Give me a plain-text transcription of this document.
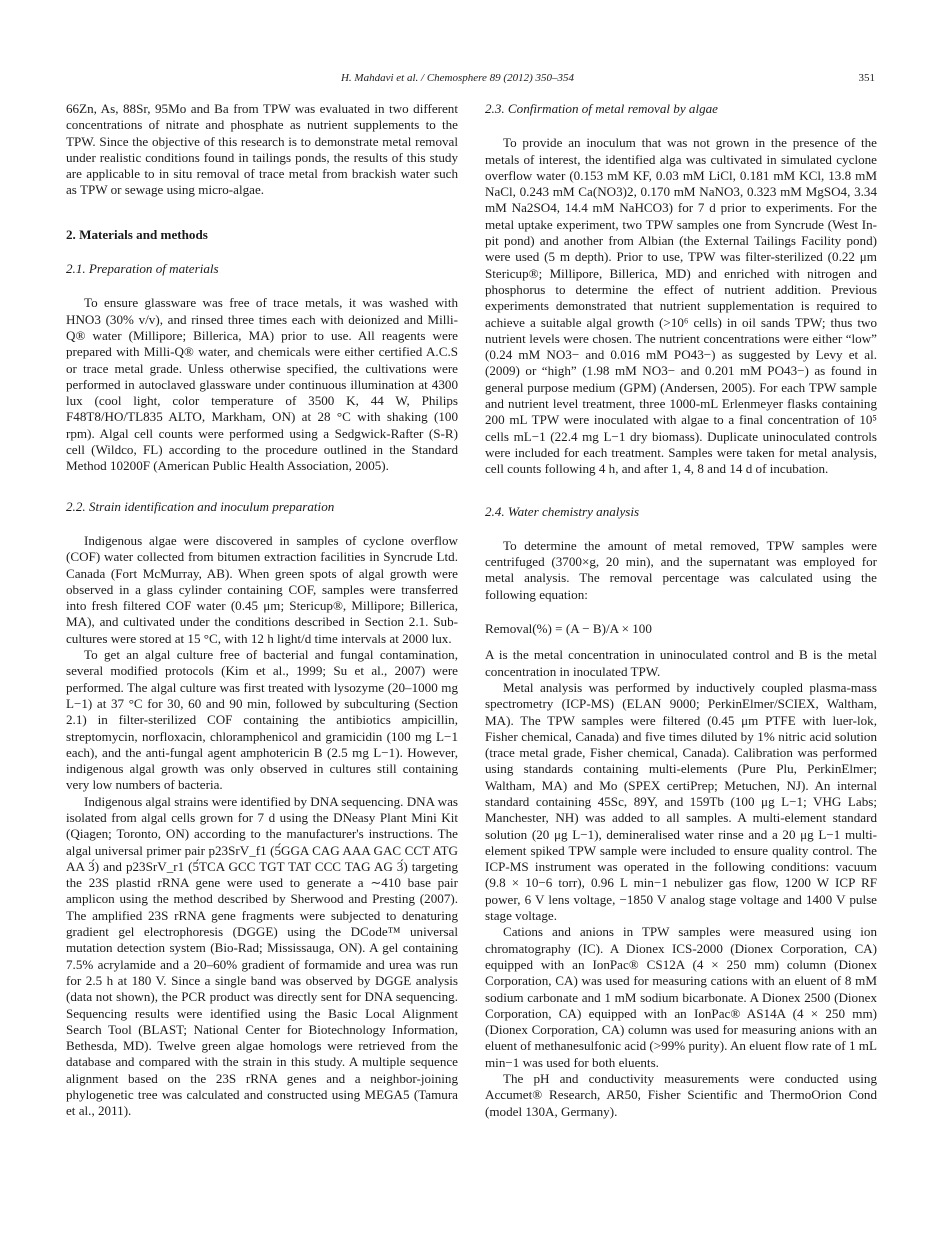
H. Mahdavi et al. / Chemosphere 89 (2012) 350–354	351

66Zn, As, 88Sr, 95Mo and Ba from TPW was evaluated in two different concentrations of nitrate and phosphate as nutrient supplements to the TPW. Since the objective of this research is to demonstrate metal removal under realistic conditions found in tailings ponds, the results of this study are applicable to in situ removal of trace metal from brackish water such as TPW or sewage using micro-algae.

2. Materials and methods
2.1. Preparation of materials

To ensure glassware was free of trace metals, it was washed with HNO3 (30% v/v), and rinsed three times each with deionized and Milli-Q® water (Millipore; Billerica, MA) prior to use. All reagents were prepared with Milli-Q® water, and chemicals were either certified A.C.S or trace metal grade. Unless otherwise specified, the cultivations were performed in autoclaved glassware under continuous illumination at 4300 lux (cool light, color temperature of 3500 K, 44 W, Philips F48T8/HO/TL835 ALTO, Markham, ON) at 28 °C with shaking (100 rpm). Algal cell counts were performed using a Sedgwick-Rafter (S-R) cell (Wildco, FL) according to the procedure outlined in the Standard Method 10200F (American Public Health Association, 2005).

2.2. Strain identification and inoculum preparation

Indigenous algae were discovered in samples of cyclone overflow (COF) water collected from bitumen extraction facilities in Syncrude Ltd. Canada (Fort McMurray, AB). When green spots of algal growth were observed in a glass cylinder containing COF, samples were transferred into fresh filtered COF water (0.45 μm; Stericup®, Millipore; Billerica, MA), and cultivated under the conditions described in Section 2.1. Sub-cultures were stored at 15 °C, with 12 h light/d time intervals at 2000 lux.

To get an algal culture free of bacterial and fungal contamination, several modified protocols (Kim et al., 1999; Su et al., 2007) were performed. The algal culture was first treated with lysozyme (20–1000 mg L−1) at 37 °C for 30, 60 and 90 min, followed by subculturing (Section 2.1) in filter-sterilized COF containing the antibiotics ampicillin, streptomycin, norfloxacin, chloramphenicol and gramicidin (100 mg L−1 each), and the anti-fungal agent amphotericin B (2.5 mg L−1). However, indigenous algal growth was only observed in cultures still containing very low numbers of bacteria.

Indigenous algal strains were identified by DNA sequencing. DNA was isolated from algal cells grown for 7 d using the DNeasy Plant Mini Kit (Qiagen; Toronto, ON) according to the manufacturer's instructions. The algal universal primer pair p23SrV_f1 (5́GGA CAG AAA GAC CCT ATG AA 3́) and p23SrV_r1 (5́TCA GCC TGT TAT CCC TAG AG 3́) targeting the 23S plastid rRNA gene were used to generate a ∼410 base pair amplicon using the method described by Sherwood and Presting (2007). The amplified 23S rRNA gene fragments were subjected to denaturing gradient gel electrophoresis (DGGE) using the DCode™ universal mutation detection system (Bio-Rad; Mississauga, ON). A gel containing 7.5% acrylamide and a 20–60% gradient of formamide and urea was run for 2.5 h at 180 V. Since a single band was observed by DGGE analysis (data not shown), the PCR product was directly sent for DNA sequencing. Sequencing results were identified using the Basic Local Alignment Search Tool (BLAST; National Center for Biotechnology Information, Bethesda, MD). Twelve green algae homologs were retrieved from the database and compared with the strain in this study. A multiple sequence alignment based on the 23S rRNA genes and a neighbor-joining phylogenetic tree was calculated and constructed using MEGA5 (Tamura et al., 2011).

2.3. Confirmation of metal removal by algae

To provide an inoculum that was not grown in the presence of the metals of interest, the identified alga was cultivated in simulated cyclone overflow water (0.153 mM KF, 0.03 mM LiCl, 0.181 mM KCl, 13.8 mM NaCl, 0.243 mM Ca(NO3)2, 0.170 mM NaNO3, 0.323 mM MgSO4, 3.34 mM Na2SO4, 14.4 mM NaHCO3) for 7 d prior to experiments. For the metal uptake experiment, two TPW samples one from Syncrude (West In-pit pond) and another from Albian (the External Tailings Facility pond) were used (5 m depth). Prior to use, TPW was filter-sterilized (0.22 μm Stericup®; Millipore, Billerica, MD) and enriched with nitrogen and phosphorus to determine the effect of nutrient addition. Previous experiments demonstrated that nutrient supplementation is required to achieve a suitable algal growth (>10⁶ cells) in oil sands TPW; thus two nutrient levels were chosen. The nutrient concentrations were either “low” (0.24 mM NO3− and 0.016 mM PO43−) as suggested by Levy et al. (2009) or “high” (1.98 mM NO3− and 0.201 mM PO43−) as found in general purpose medium (GPM) (Andersen, 2005). For each TPW sample and nutrient level treatment, three 1000-mL Erlenmeyer flasks containing 200 mL TPW were inoculated with algae to a final concentration of 10⁵ cells mL−1 (22.4 mg L−1 dry biomass). Duplicate uninoculated controls were included for each treatment. Samples were taken for metal analysis, cell counts following 4 h, and after 1, 4, 8 and 14 d of incubation.

2.4. Water chemistry analysis

To determine the amount of metal removed, TPW samples were centrifuged (3700×g, 20 min), and the supernatant was employed for metal analysis. The removal percentage was calculated using the following equation:

Removal(%) = (A − B)/A × 100

A is the metal concentration in uninoculated control and B is the metal concentration in inoculated TPW.

Metal analysis was performed by inductively coupled plasma-mass spectrometry (ICP-MS) (ELAN 9000; PerkinElmer/SCIEX, Waltham, MA). The TPW samples were filtered (0.45 μm PTFE with luer-lok, Fisher chemical, Canada) and five times diluted by 1% nitric acid solution (trace metal grade, Fisher chemical, Canada). Calibration was performed using standards containing multi-elements (Pure Plu, PerkinElmer; Waltham, MA) and Mo (SPEX certiPrep; Metuchen, NJ). An internal standard containing 45Sc, 89Y, and 159Tb (100 μg L−1; VHG Labs; Manchester, NH) was added to all samples. A multi-element standard solution (20 μg L−1), demineralised water rinse and a 20 μg L−1 multi-element spiked TPW sample were included to ensure quality control. The ICP-MS instrument was operated in the following conditions: vacuum (9.8 × 10−6 torr), 0.96 L min−1 nebulizer gas flow, 1200 W ICP RF power, 6 V lens voltage, −1850 V analog stage voltage and 1400 V pulse stage voltage.

Cations and anions in TPW samples were measured using ion chromatography (IC). A Dionex ICS-2000 (Dionex Corporation, CA) equipped with an IonPac® CS12A (4 × 250 mm) column (Dionex Corporation, CA) was used for measuring cations with an eluent of 8 mM sodium carbonate and 1 mM sodium bicarbonate. A Dionex 2500 (Dionex Corporation, CA) equipped with an IonPac® AS14A (4 × 250 mm) (Dionex Corporation, CA) column was used for measuring anions with an eluent of methanesulfonic acid (>99% purity). An eluent flow rate of 1 mL min−1 was used for both eluents.

The pH and conductivity measurements were conducted using Accumet® Research, AR50, Fisher Scientific and ThermoOrion Cond (model 130A, Germany).
